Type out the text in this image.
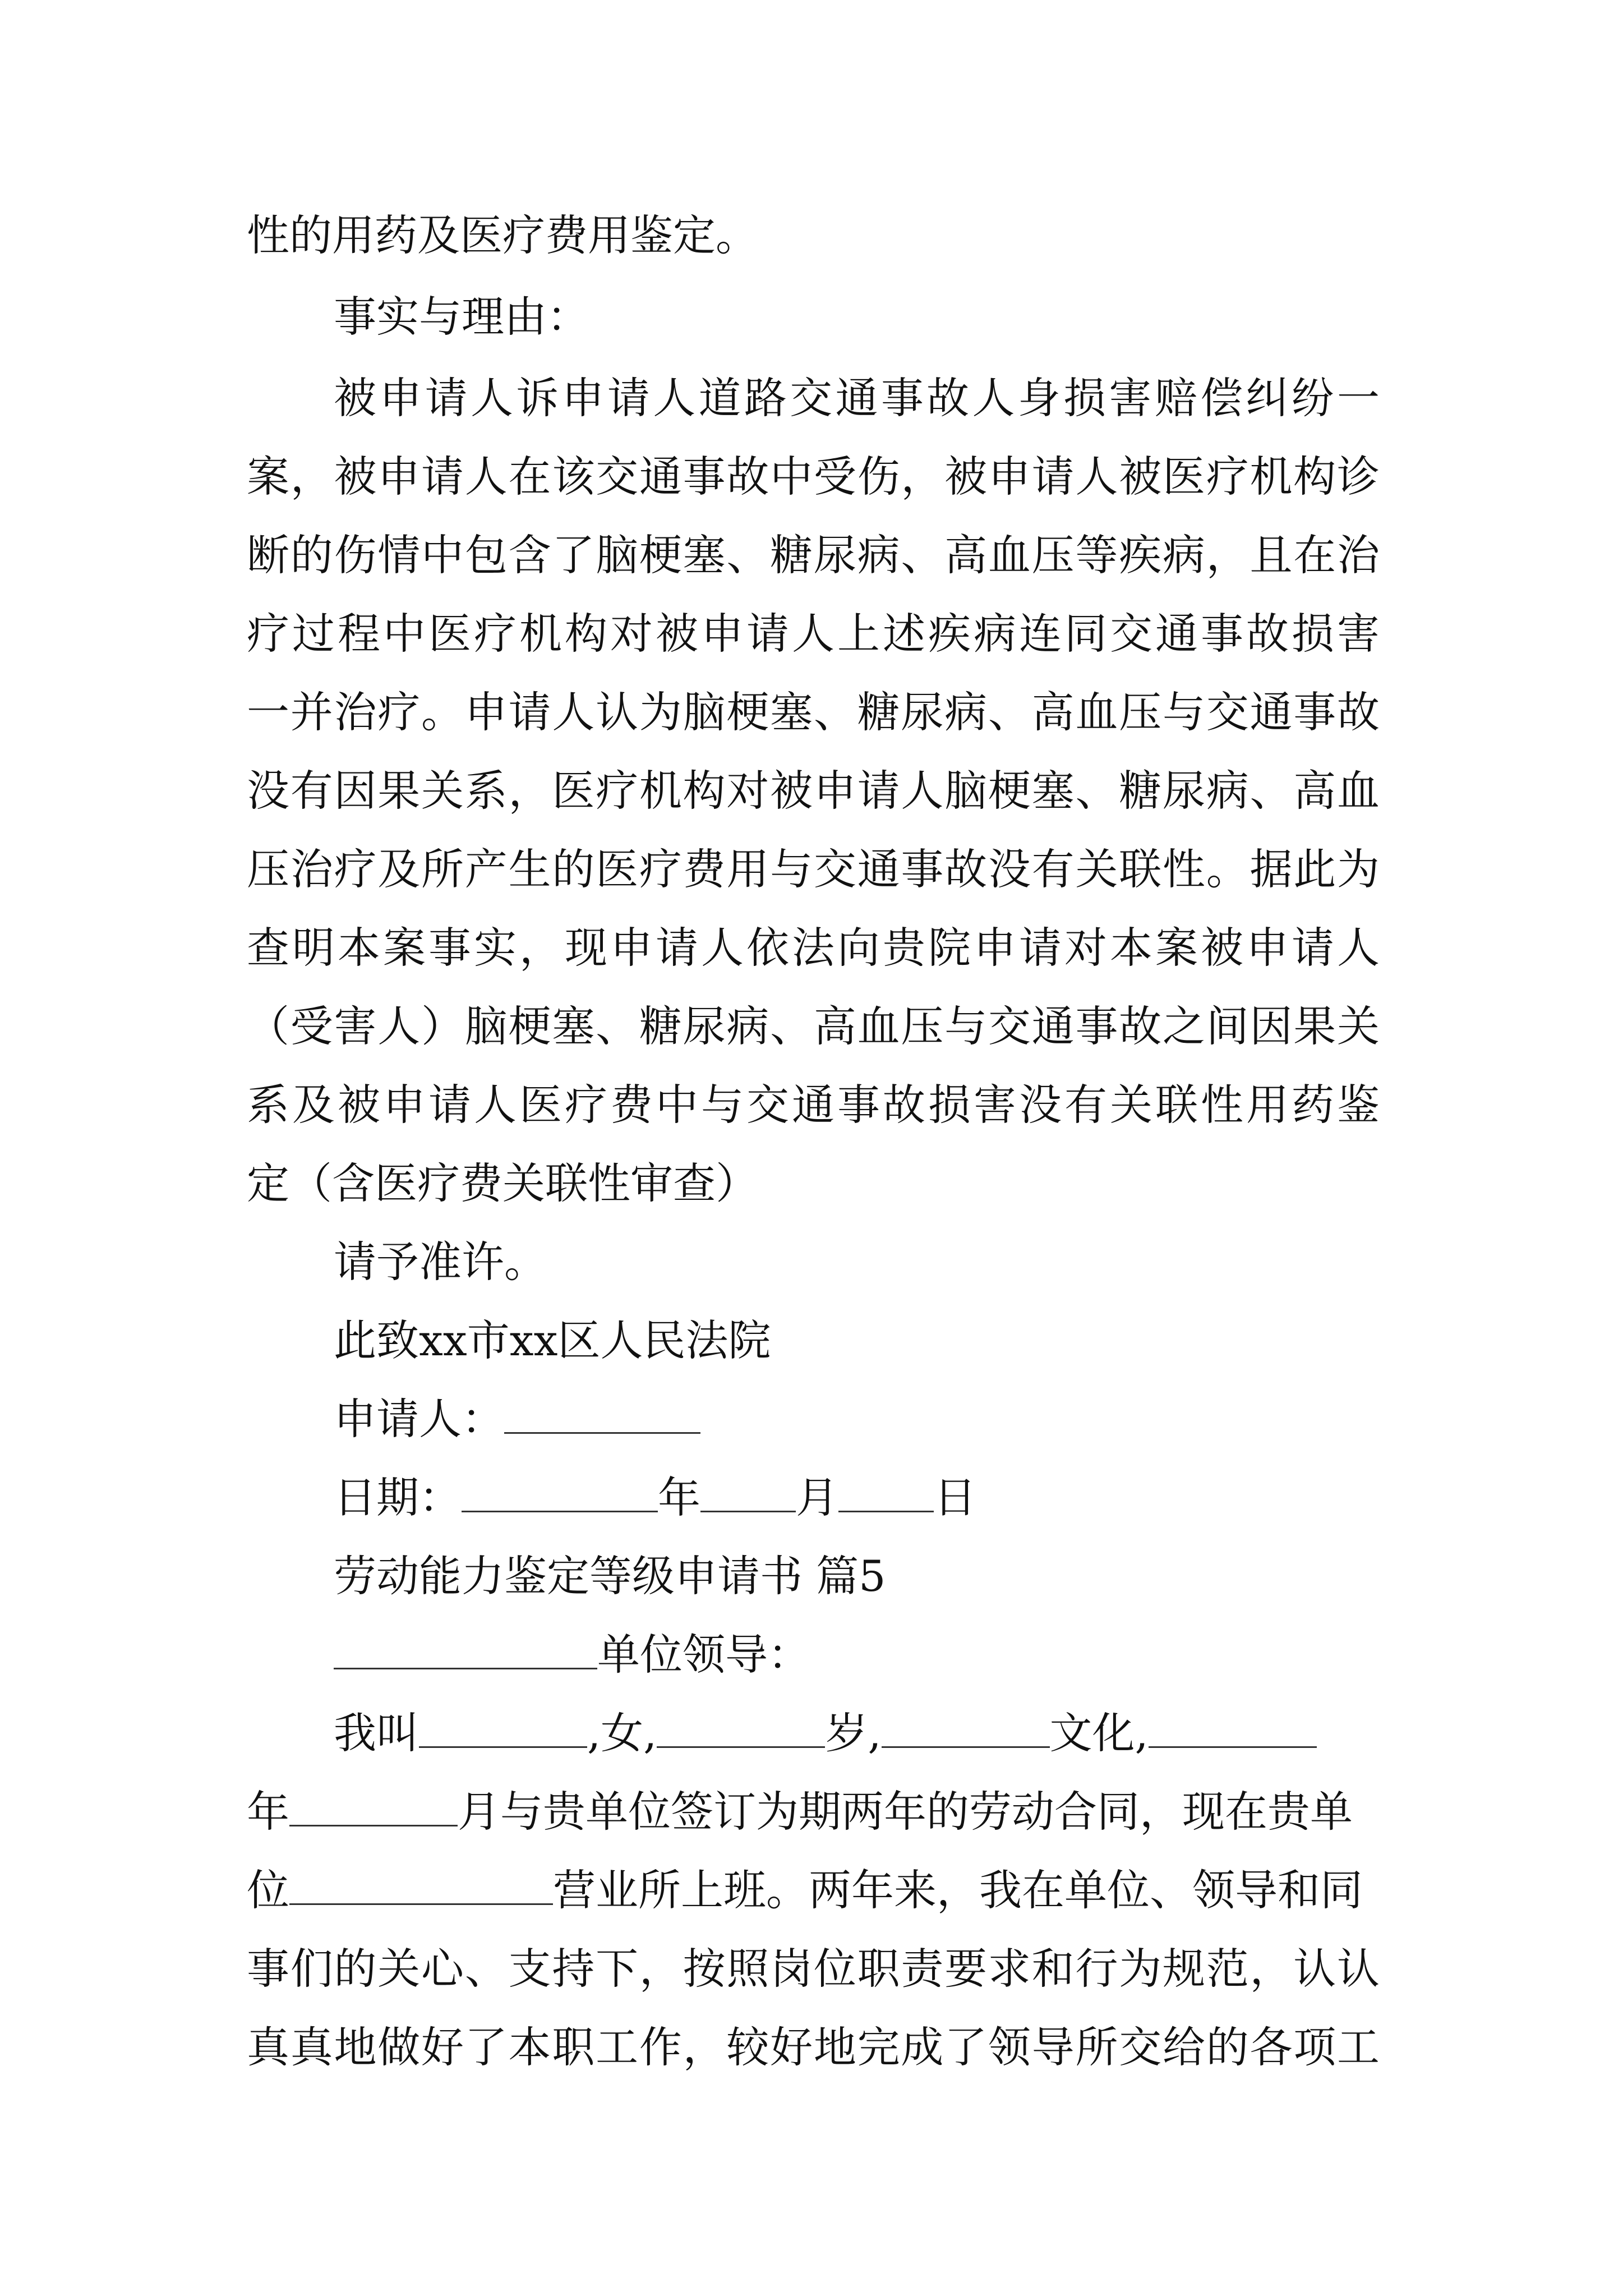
性的用药及医疗费用鉴定。
事实与理由：
被申请人诉申请人道路交通事故人身损害赔偿纠纷一
案，被申请人在该交通事故中受伤，被申请人被医疗机构诊
断的伤情中包含了脑梗塞、糖尿病、高血压等疾病，且在治
疗过程中医疗机构对被申请人上述疾病连同交通事故损害
一并治疗。申请人认为脑梗塞、糖尿病、高血压与交通事故
没有因果关系，医疗机构对被申请人脑梗塞、糖尿病、高血
压治疗及所产生的医疗费用与交通事故没有关联性。据此为
查明本案事实，现申请人依法向贵院申请对本案被申请人
（受害人）脑梗塞、糖尿病、高血压与交通事故之间因果关
系及被申请人医疗费中与交通事故损害没有关联性用药鉴
定（含医疗费关联性审查）
请予准许。
此致xx市xx区人民法院
申请人：
日期：	年 月 日
劳动能力鉴定等级申请书 篇5
单位领导：
我叫	,女,	岁,	文化,
年	月与贵单位签订为期两年的劳动合同，现在贵单
位	营业所上班。两年来，我在单位、领导和同
事们的关心、支持下，按照岗位职责要求和行为规范，认认
真真地做好了本职工作，较好地完成了领导所交给的各项工
